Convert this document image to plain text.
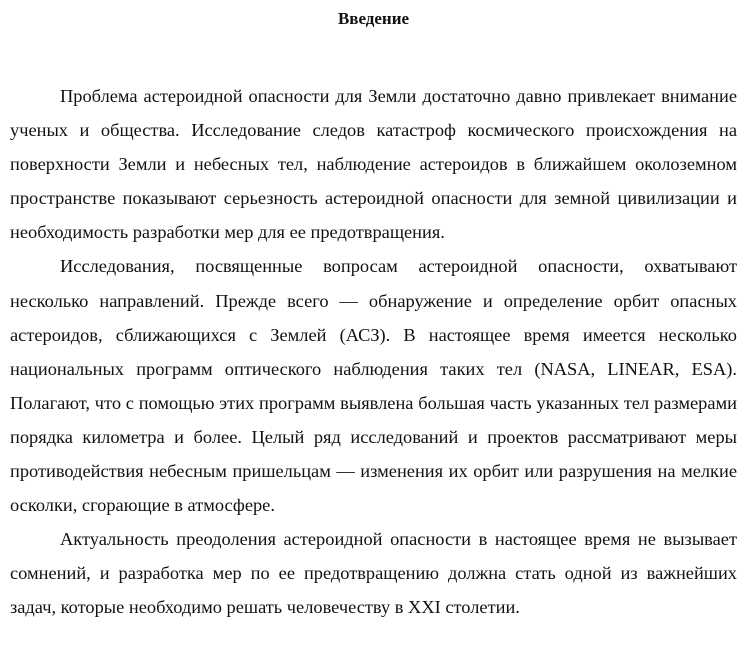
Введение

Проблема астероидной опасности для Земли достаточно давно привлекает внимание ученых и общества. Исследование следов катастроф космического происхождения на поверхности Земли и небесных тел, наблюдение астероидов в ближайшем околоземном пространстве показывают серьезность астероидной опасности для земной цивилизации и необходимость разработки мер для ее предотвращения.

Исследования, посвященные вопросам астероидной опасности, охватывают несколько направлений. Прежде всего — обнаружение и определение орбит опасных астероидов, сближающихся с Землей (АСЗ). В настоящее время имеется несколько национальных программ оптического наблюдения таких тел (NASA, LINEAR, ESA). Полагают, что с помощью этих программ выявлена большая часть указанных тел размерами порядка километра и более. Целый ряд исследований и проектов рассматривают меры противодействия небесным пришельцам — изменения их орбит или разрушения на мелкие осколки, сгорающие в атмосфере.

Актуальность преодоления астероидной опасности в настоящее время не вызывает сомнений, и разработка мер по ее предотвращению должна стать одной из важнейших задач, которые необходимо решать человечеству в XXI столетии.
